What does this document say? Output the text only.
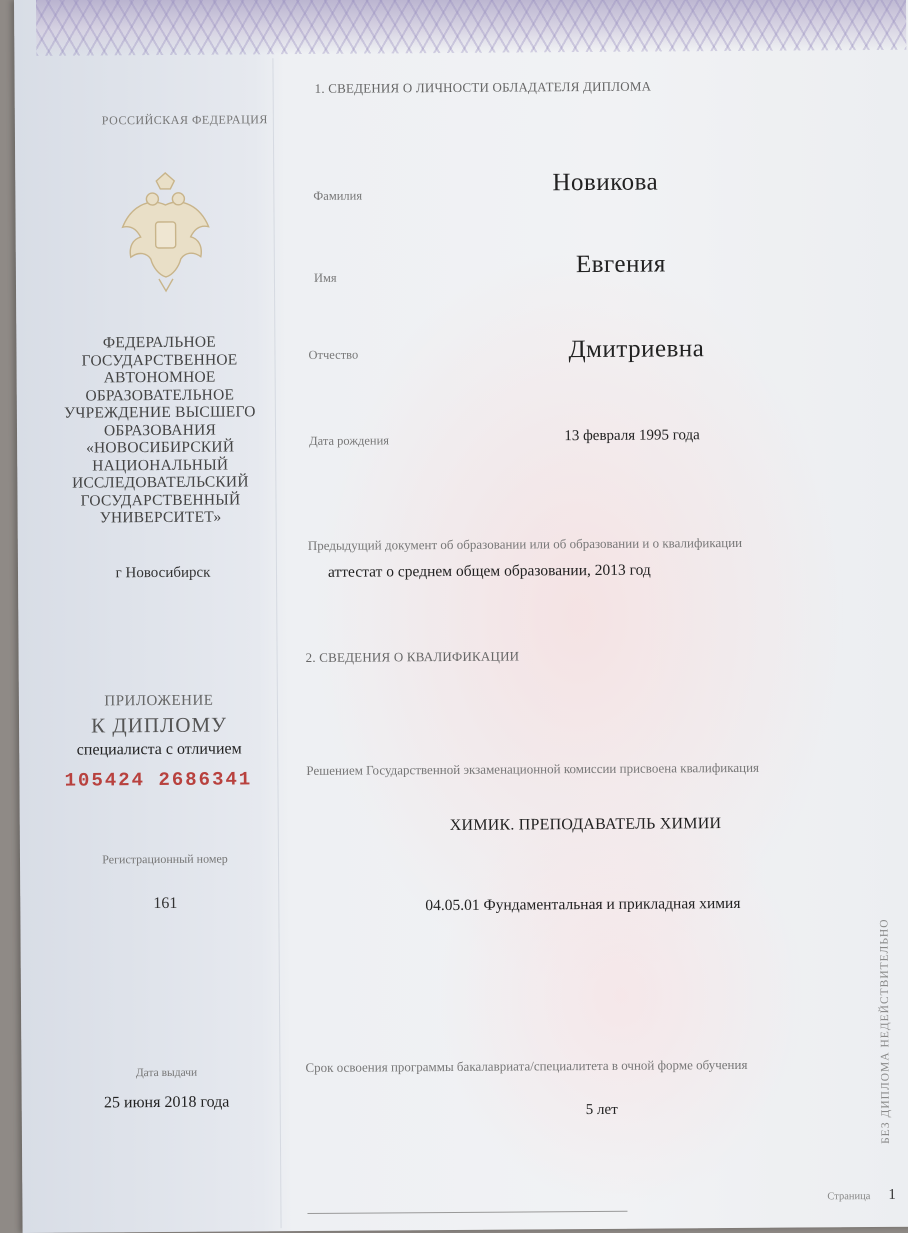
РОССИЙСКАЯ ФЕДЕРАЦИЯ
ФЕДЕРАЛЬНОЕ ГОСУДАРСТВЕННОЕ АВТОНОМНОЕ ОБРАЗОВАТЕЛЬНОЕ УЧРЕЖДЕНИЕ ВЫСШЕГО ОБРАЗОВАНИЯ «НОВОСИБИРСКИЙ НАЦИОНАЛЬНЫЙ ИССЛЕДОВАТЕЛЬСКИЙ ГОСУДАРСТВЕННЫЙ УНИВЕРСИТЕТ»
г Новосибирск
ПРИЛОЖЕНИЕ
К ДИПЛОМУ
специалиста с отличием
105424 2686341
Регистрационный номер
161
Дата выдачи
25 июня 2018 года
1. СВЕДЕНИЯ О ЛИЧНОСТИ ОБЛАДАТЕЛЯ ДИПЛОМА
Фамилия	Новикова
Имя	Евгения
Отчество	Дмитриевна
Дата рождения	13 февраля 1995 года
Предыдущий документ об образовании или об образовании и о квалификации
аттестат о среднем общем образовании, 2013 год
2. СВЕДЕНИЯ О КВАЛИФИКАЦИИ
Решением Государственной экзаменационной комиссии присвоена квалификация
ХИМИК. ПРЕПОДАВАТЕЛЬ ХИМИИ
04.05.01 Фундаментальная и прикладная химия
Срок освоения программы бакалавриата/специалитета в очной форме обучения
5 лет	БЕЗ ДИПЛОМА НЕДЕЙСТВИТЕЛЬНО
Страница 1
